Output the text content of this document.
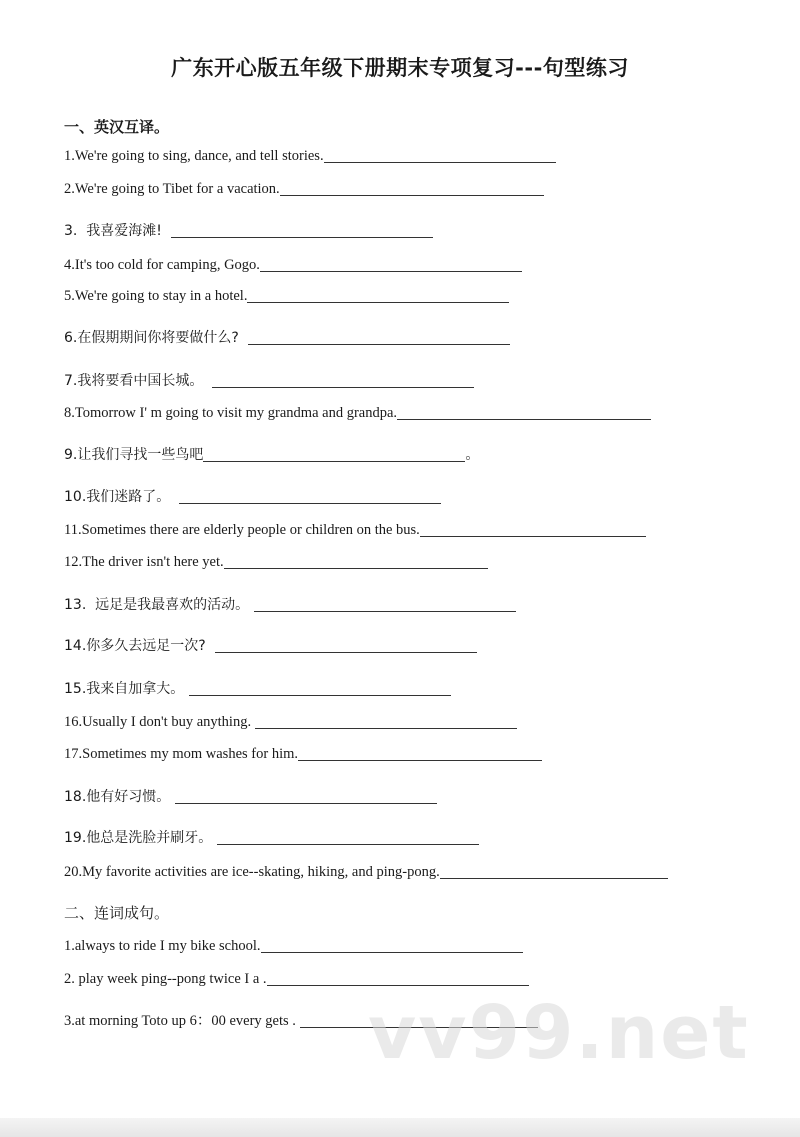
广东开心版五年级下册期末专项复习---句型练习
一、英汉互译。
1.We're going to sing, dance, and tell stories.
2.We're going to Tibet for a vacation.
3.  我喜爱海滩!
4.It's too cold for camping, Gogo.
5.We're going to stay in a hotel.
6.在假期期间你将要做什么?
7.我将要看中国长城。
8.Tomorrow I' m going to visit my grandma and grandpa.
9.让我们寻找一些鸟吧	。
10.我们迷路了。
11.Sometimes there are elderly people or children on the bus.
12.The driver isn't here yet.
13.  远足是我最喜欢的活动。
14.你多久去远足一次?
15.我来自加拿大。
16.Usually I don't buy anything.
17.Sometimes my mom washes for him.
18.他有好习惯。
19.他总是洗脸并刷牙。
20.My favorite activities are ice--skating, hiking, and ping-pong.
二、连词成句。
1.always to ride I my bike school.
2. play week ping--pong twice I a .
3.at morning Toto up 6：00 every gets . vv99.net
